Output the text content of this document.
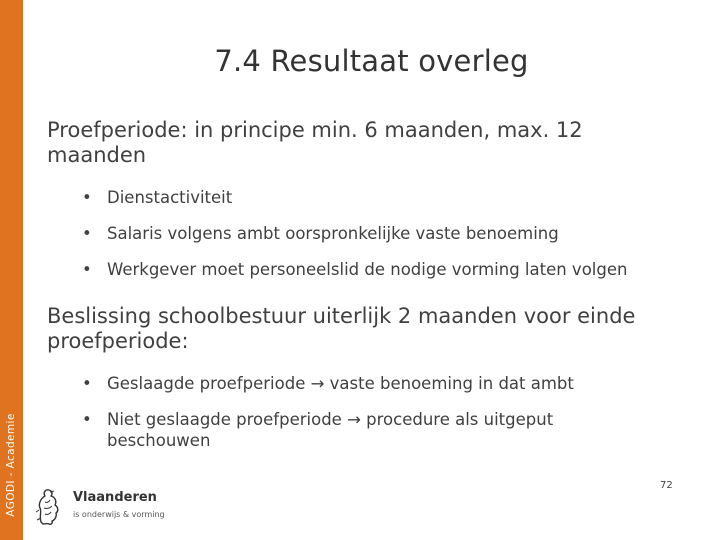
AGODI - Academie
7.4 Resultaat overleg
Proefperiode: in principe min. 6 maanden, max. 12 maanden
• Dienstactiviteit
• Salaris volgens ambt oorspronkelijke vaste benoeming
• Werkgever moet personeelslid de nodige vorming laten volgen
Beslissing schoolbestuur uiterlijk 2 maanden voor einde proefperiode:
• Geslaagde proefperiode → vaste benoeming in dat ambt
• Niet geslaagde proefperiode → procedure als uitgeput beschouwen
Vlaanderen
is onderwijs & vorming
72
